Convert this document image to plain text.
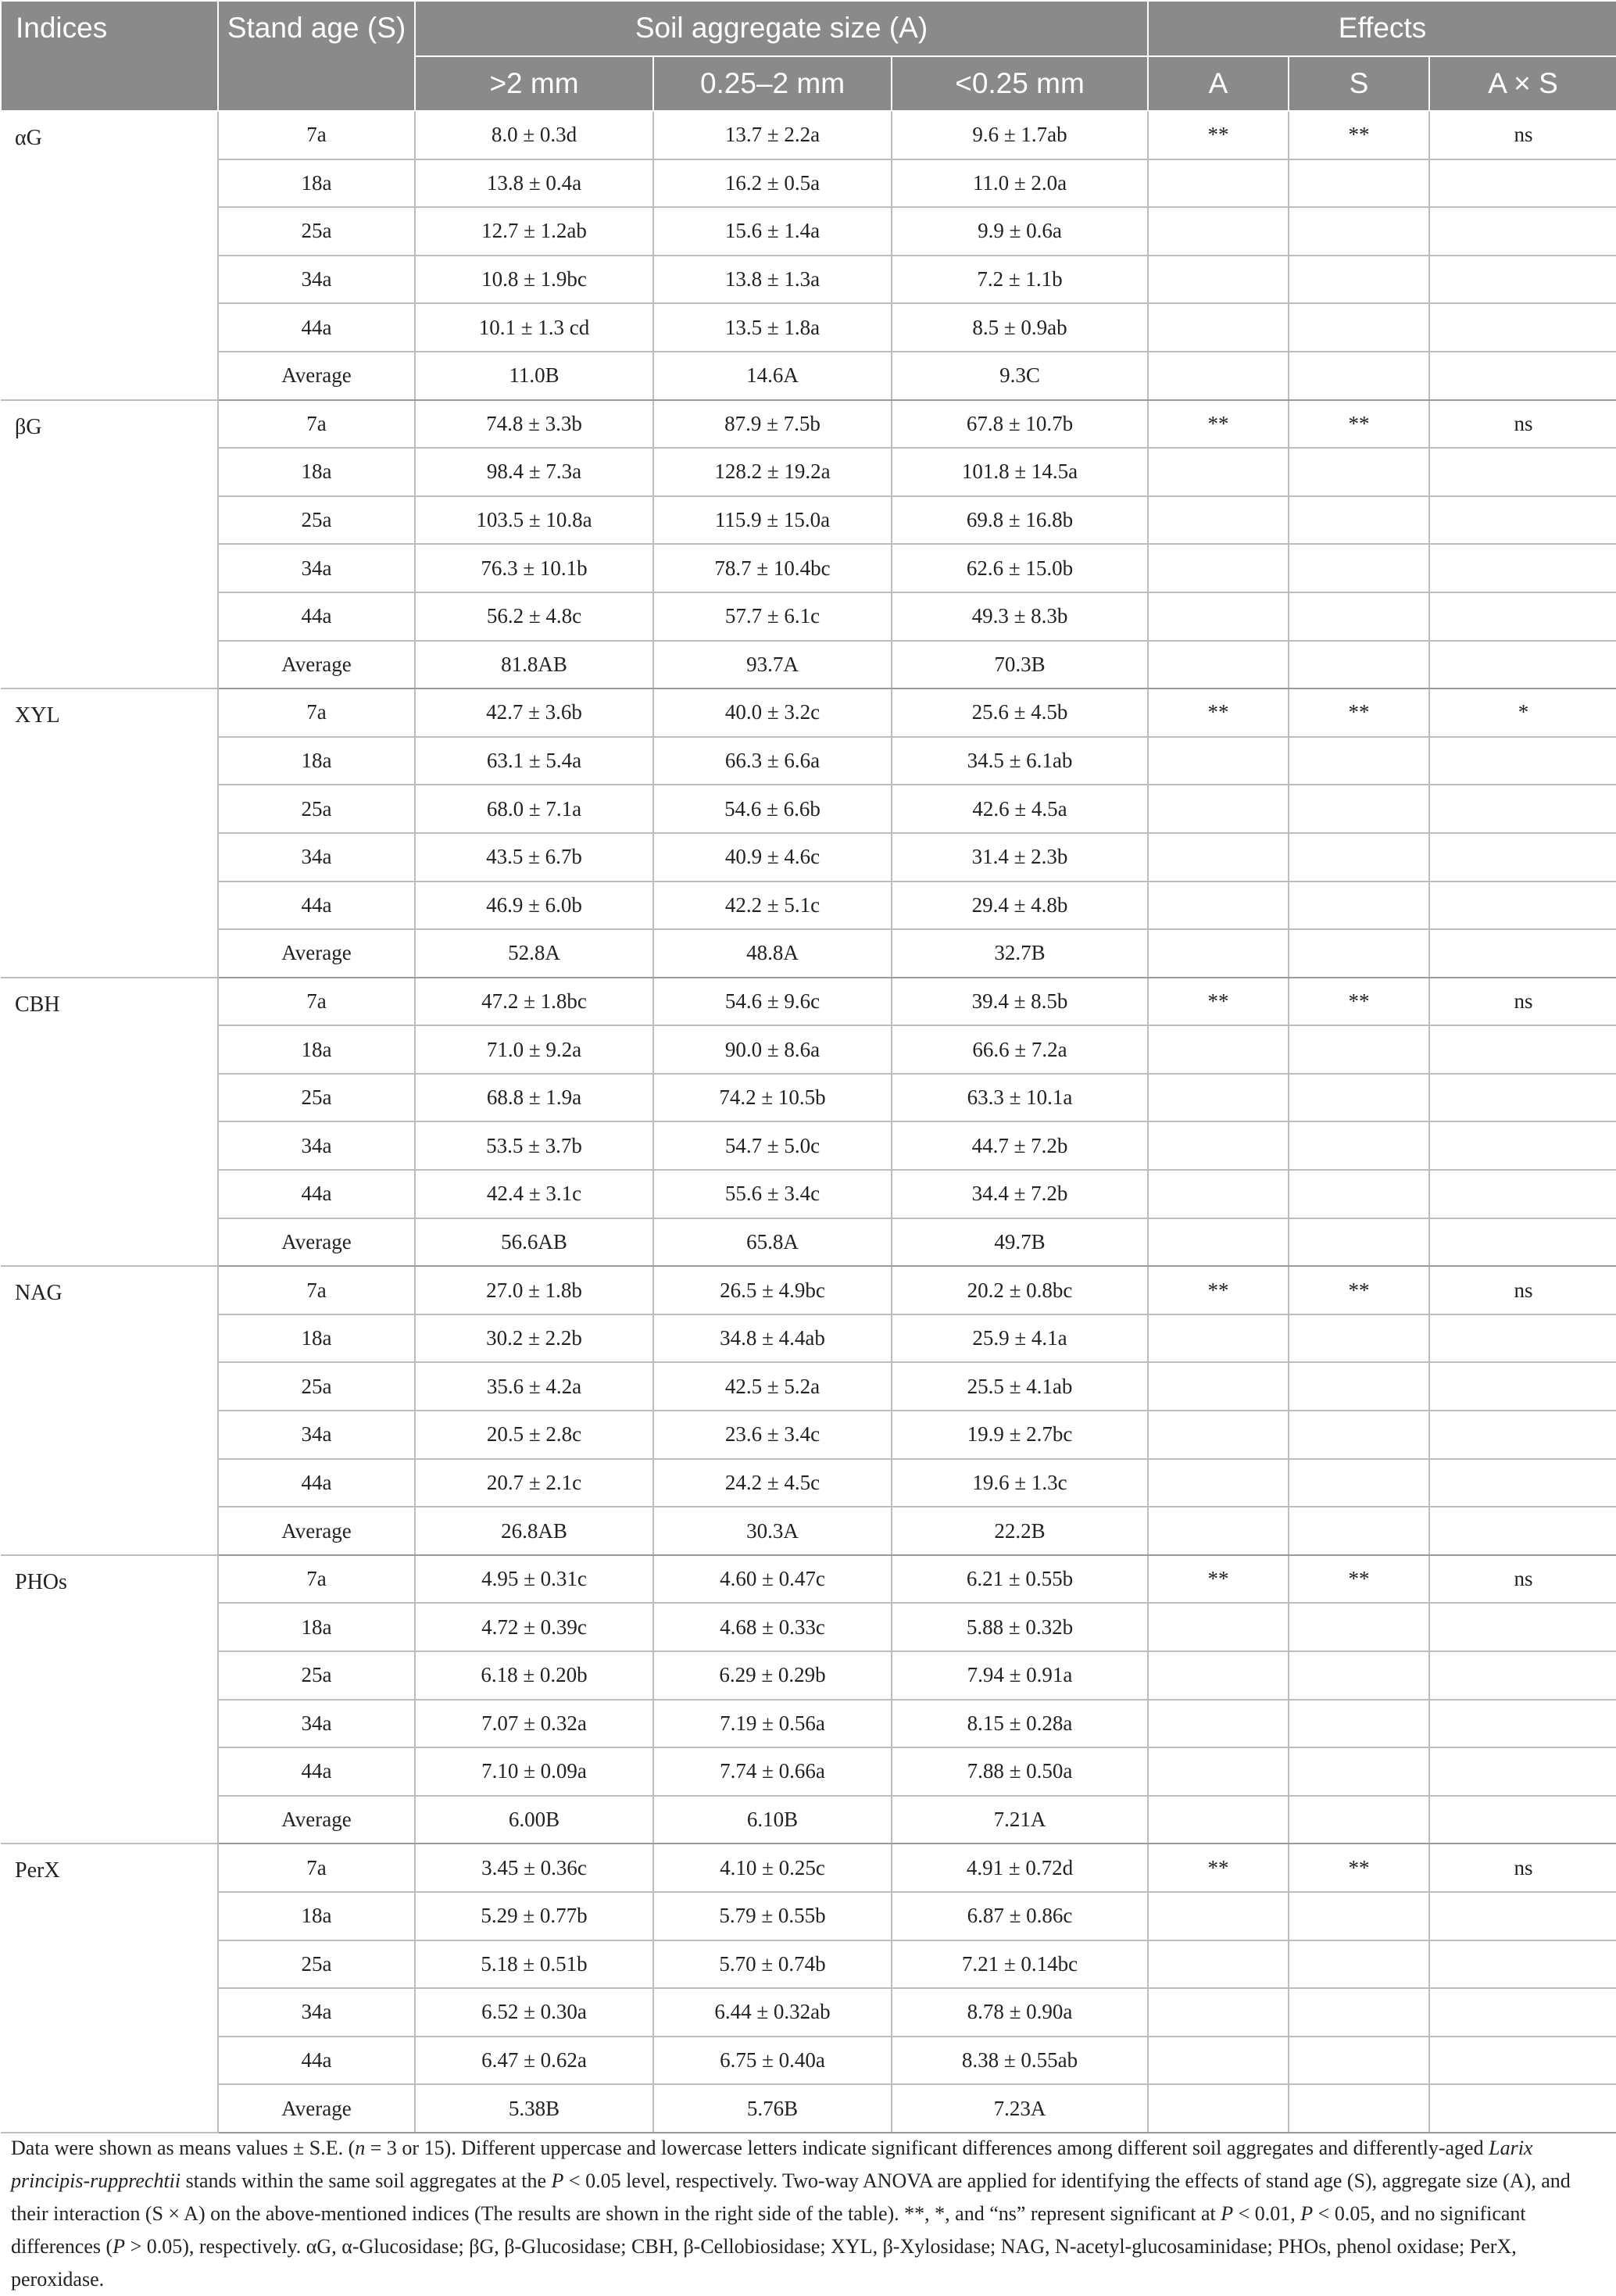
Indices	Stand age (S)	Soil aggregate size (A)			Effects		
		>2 mm	0.25–2 mm	<0.25 mm	A	S	A × S
αG	7a	8.0 ± 0.3d	13.7 ± 2.2a	9.6 ± 1.7ab	**	**	ns
	18a	13.8 ± 0.4a	16.2 ± 0.5a	11.0 ± 2.0a			
	25a	12.7 ± 1.2ab	15.6 ± 1.4a	9.9 ± 0.6a			
	34a	10.8 ± 1.9bc	13.8 ± 1.3a	7.2 ± 1.1b			
	44a	10.1 ± 1.3 cd	13.5 ± 1.8a	8.5 ± 0.9ab			
	Average	11.0B	14.6A	9.3C			
βG	7a	74.8 ± 3.3b	87.9 ± 7.5b	67.8 ± 10.7b	**	**	ns
	18a	98.4 ± 7.3a	128.2 ± 19.2a	101.8 ± 14.5a			
	25a	103.5 ± 10.8a	115.9 ± 15.0a	69.8 ± 16.8b			
	34a	76.3 ± 10.1b	78.7 ± 10.4bc	62.6 ± 15.0b			
	44a	56.2 ± 4.8c	57.7 ± 6.1c	49.3 ± 8.3b			
	Average	81.8AB	93.7A	70.3B			
XYL	7a	42.7 ± 3.6b	40.0 ± 3.2c	25.6 ± 4.5b	**	**	*
	18a	63.1 ± 5.4a	66.3 ± 6.6a	34.5 ± 6.1ab			
	25a	68.0 ± 7.1a	54.6 ± 6.6b	42.6 ± 4.5a			
	34a	43.5 ± 6.7b	40.9 ± 4.6c	31.4 ± 2.3b			
	44a	46.9 ± 6.0b	42.2 ± 5.1c	29.4 ± 4.8b			
	Average	52.8A	48.8A	32.7B			
CBH	7a	47.2 ± 1.8bc	54.6 ± 9.6c	39.4 ± 8.5b	**	**	ns
	18a	71.0 ± 9.2a	90.0 ± 8.6a	66.6 ± 7.2a			
	25a	68.8 ± 1.9a	74.2 ± 10.5b	63.3 ± 10.1a			
	34a	53.5 ± 3.7b	54.7 ± 5.0c	44.7 ± 7.2b			
	44a	42.4 ± 3.1c	55.6 ± 3.4c	34.4 ± 7.2b			
	Average	56.6AB	65.8A	49.7B			
NAG	7a	27.0 ± 1.8b	26.5 ± 4.9bc	20.2 ± 0.8bc	**	**	ns
	18a	30.2 ± 2.2b	34.8 ± 4.4ab	25.9 ± 4.1a			
	25a	35.6 ± 4.2a	42.5 ± 5.2a	25.5 ± 4.1ab			
	34a	20.5 ± 2.8c	23.6 ± 3.4c	19.9 ± 2.7bc			
	44a	20.7 ± 2.1c	24.2 ± 4.5c	19.6 ± 1.3c			
	Average	26.8AB	30.3A	22.2B			
PHOs	7a	4.95 ± 0.31c	4.60 ± 0.47c	6.21 ± 0.55b	**	**	ns
	18a	4.72 ± 0.39c	4.68 ± 0.33c	5.88 ± 0.32b			
	25a	6.18 ± 0.20b	6.29 ± 0.29b	7.94 ± 0.91a			
	34a	7.07 ± 0.32a	7.19 ± 0.56a	8.15 ± 0.28a			
	44a	7.10 ± 0.09a	7.74 ± 0.66a	7.88 ± 0.50a			
	Average	6.00B	6.10B	7.21A			
PerX	7a	3.45 ± 0.36c	4.10 ± 0.25c	4.91 ± 0.72d	**	**	ns
	18a	5.29 ± 0.77b	5.79 ± 0.55b	6.87 ± 0.86c			
	25a	5.18 ± 0.51b	5.70 ± 0.74b	7.21 ± 0.14bc			
	34a	6.52 ± 0.30a	6.44 ± 0.32ab	8.78 ± 0.90a			
	44a	6.47 ± 0.62a	6.75 ± 0.40a	8.38 ± 0.55ab			
	Average	5.38B	5.76B	7.23A			
Data were shown as means values ± S.E. (n = 3 or 15). Different uppercase and lowercase letters indicate significant differences among different soil aggregates and differently-aged Larix principis-rupprechtii stands within the same soil aggregates at the P < 0.05 level, respectively. Two-way ANOVA are applied for identifying the effects of stand age (S), aggregate size (A), and their interaction (S × A) on the above-mentioned indices (The results are shown in the right side of the table). **, *, and “ns” represent significant at P < 0.01, P < 0.05, and no significant differences (P > 0.05), respectively. αG, α-Glucosidase; βG, β-Glucosidase; CBH, β-Cellobiosidase; XYL, β-Xylosidase; NAG, N-acetyl-glucosaminidase; PHOs, phenol oxidase; PerX, peroxidase.
